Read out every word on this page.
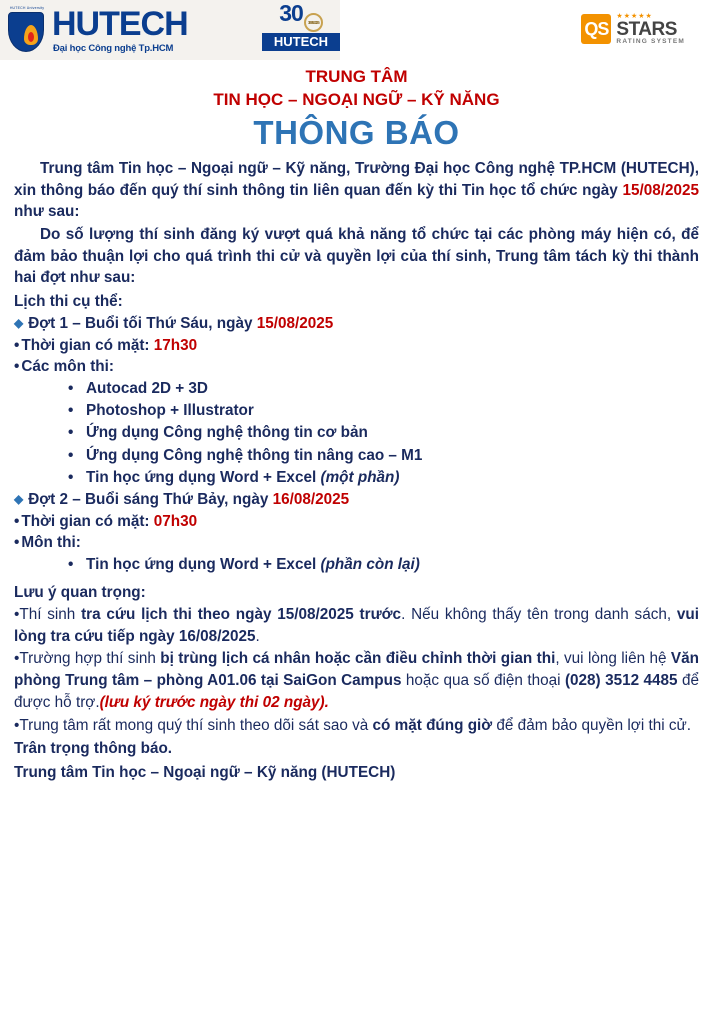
HUTECH University HUTECH
Đại học Công nghệ Tp.HCM
30 1995 2025
HUTECH
QS
★★★★★
STARS
RATING SYSTEM
TRUNG TÂM
TIN HỌC – NGOẠI NGỮ – KỸ NĂNG
THÔNG BÁO

Trung tâm Tin học – Ngoại ngữ – Kỹ năng, Trường Đại học Công nghệ TP.HCM (HUTECH), xin thông báo đến quý thí sinh thông tin liên quan đến kỳ thi Tin học tổ chức ngày 15/08/2025 như sau:

Do số lượng thí sinh đăng ký vượt quá khả năng tổ chức tại các phòng máy hiện có, để đảm bảo thuận lợi cho quá trình thi cử và quyền lợi của thí sinh, Trung tâm tách kỳ thi thành hai đợt như sau:

Lịch thi cụ thể:
◆ Đợt 1 – Buổi tối Thứ Sáu, ngày 15/08/2025
• Thời gian có mặt: 17h30
• Các môn thi:
• Autocad 2D + 3D
• Photoshop + Illustrator
• Ứng dụng Công nghệ thông tin cơ bản
• Ứng dụng Công nghệ thông tin nâng cao – M1
• Tin học ứng dụng Word + Excel (một phần)
◆ Đợt 2 – Buổi sáng Thứ Bảy, ngày 16/08/2025
• Thời gian có mặt: 07h30
• Môn thi:
• Tin học ứng dụng Word + Excel (phần còn lại)
Lưu ý quan trọng:

•Thí sinh tra cứu lịch thi theo ngày 15/08/2025 trước. Nếu không thấy tên trong danh sách, vui lòng tra cứu tiếp ngày 16/08/2025.

•Trường hợp thí sinh bị trùng lịch cá nhân hoặc cần điều chỉnh thời gian thi, vui lòng liên hệ Văn phòng Trung tâm – phòng A01.06 tại SaiGon Campus hoặc qua số điện thoại (028) 3512 4485 để được hỗ trợ.(lưu ký trước ngày thi 02 ngày).

•Trung tâm rất mong quý thí sinh theo dõi sát sao và có mặt đúng giờ để đảm bảo quyền lợi thi cử.

Trân trọng thông báo.
Trung tâm Tin học – Ngoại ngữ – Kỹ năng (HUTECH)
